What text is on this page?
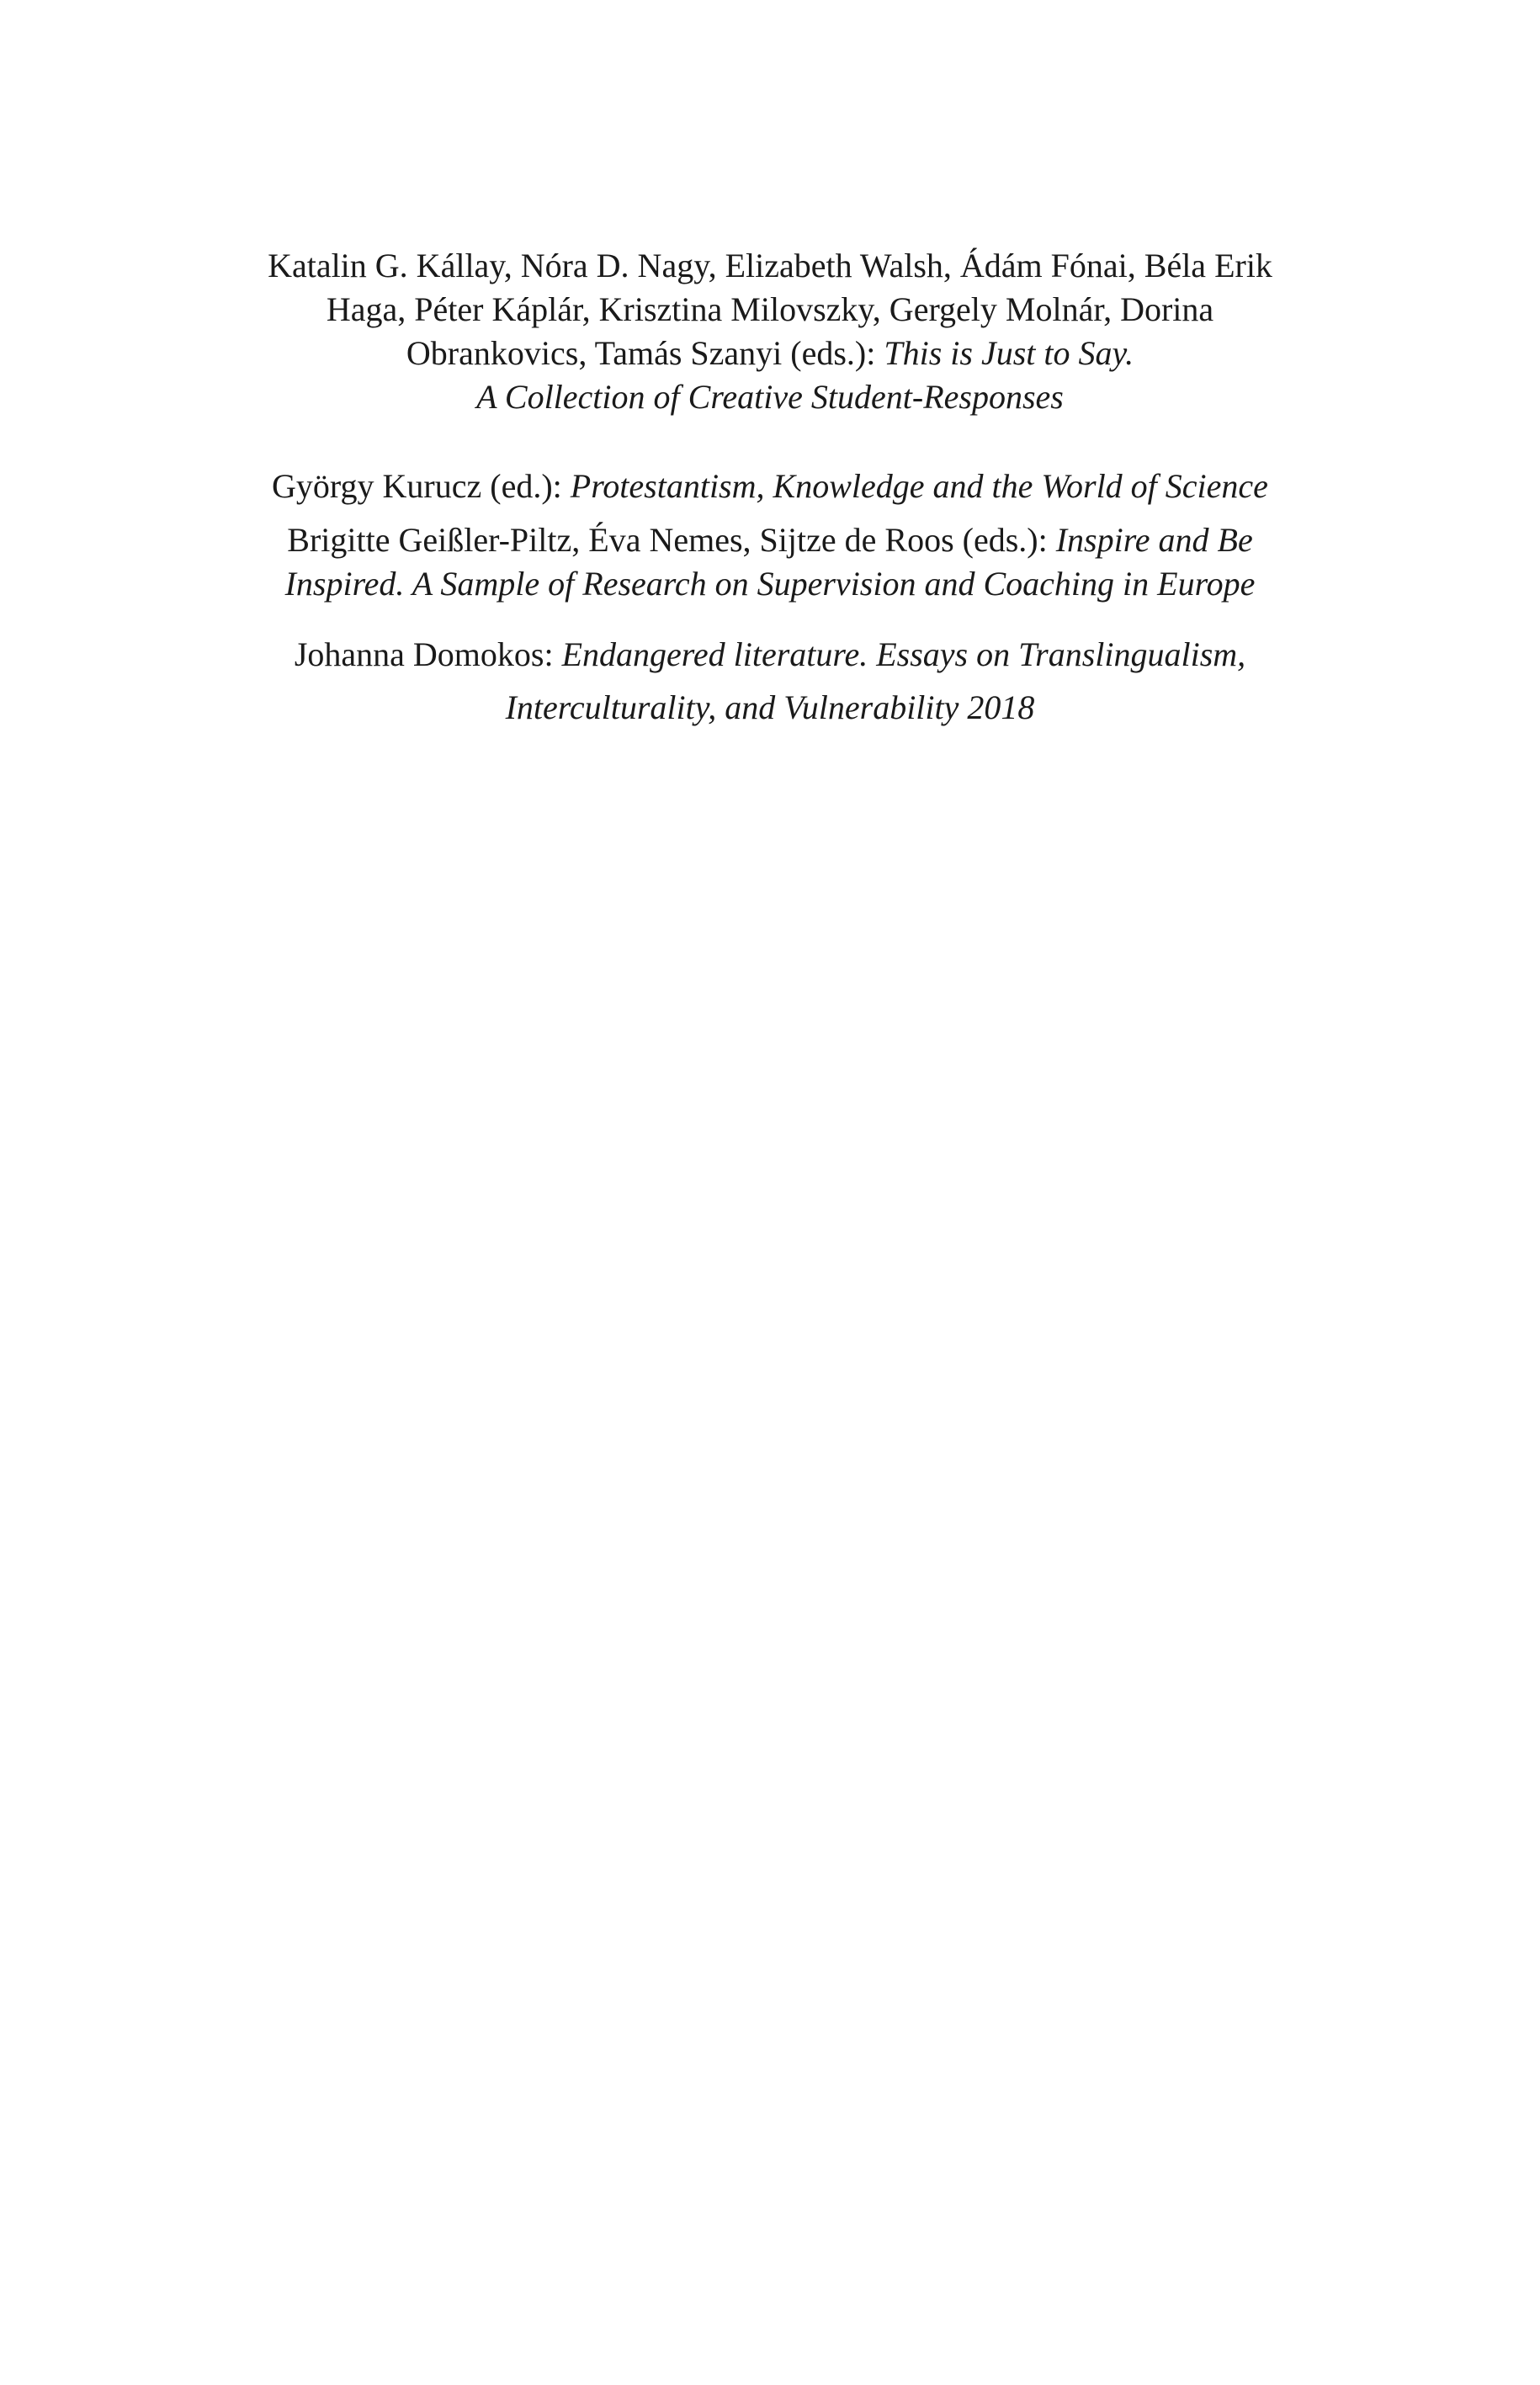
Katalin G. Kállay, Nóra D. Nagy, Elizabeth Walsh, Ádám Fónai, Béla Erik
Haga, Péter Káplár, Krisztina Milovszky, Gergely Molnár, Dorina
Obrankovics, Tamás Szanyi (eds.): This is Just to Say.
A Collection of Creative Student-Responses
György Kurucz (ed.): Protestantism, Knowledge and the World of Science
Brigitte Geißler-Piltz, Éva Nemes, Sijtze de Roos (eds.): Inspire and Be
Inspired. A Sample of Research on Supervision and Coaching in Europe
Johanna Domokos: Endangered literature. Essays on Translingualism,
Interculturality, and Vulnerability 2018
